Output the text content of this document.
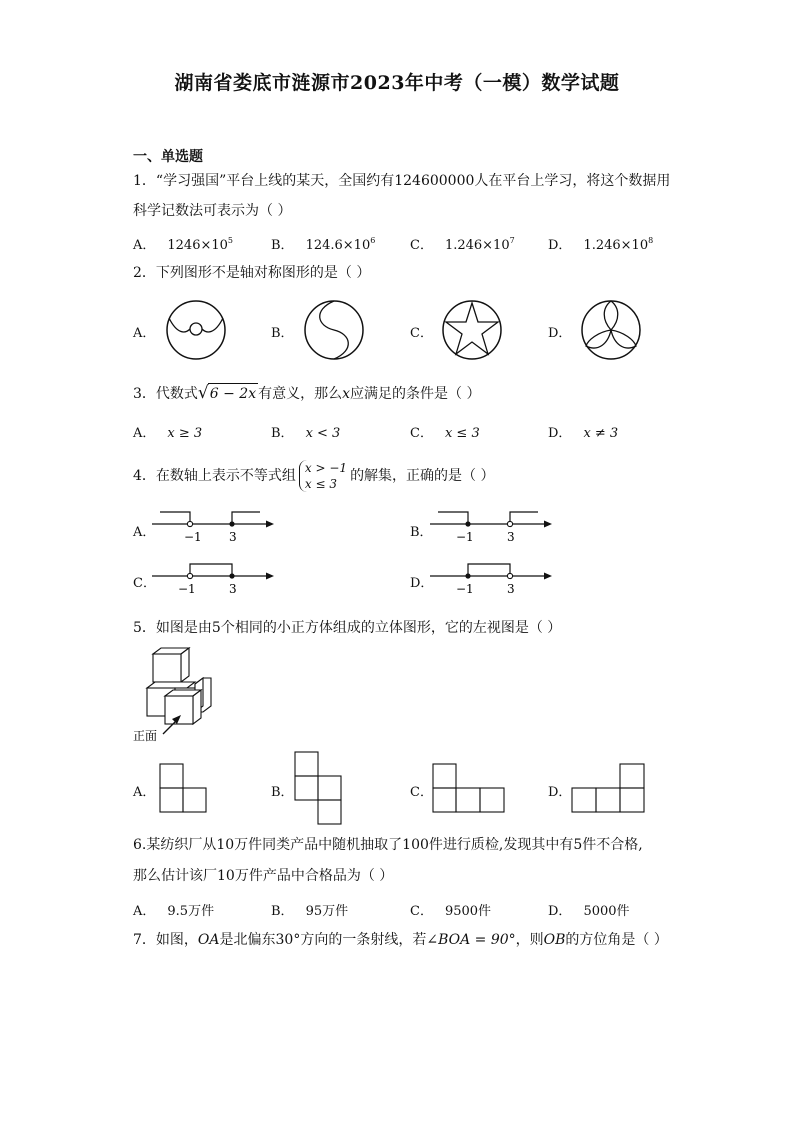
湖南省娄底市涟源市2023年中考（一模）数学试题
一、单选题
1．“学习强国”平台上线的某天，全国约有124600000人在平台上学习，将这个数据用
科学记数法可表示为（ ）
A． $1246\times 10^5$	B． $124.6\times 10^6$	C． $1.246\times 10^7$	D． $1.246\times 10^8$
2．下列图形不是轴对称图形的是（ ）
A．	B．	C．	D．
3．代数式√6 − 2x 有意义，那么x应满足的条件是（ ）
A． x ≥ 3	B． x < 3	C． x ≤ 3	D． x ≠ 3
4．在数轴上表示不等式组 x > −1
x ≤ 3 的解集，正确的是（ ）
A．	B．
C．	D．
−1 3	−1	3
−1	3	−1	3
5．如图是由5个相同的小正方体组成的立体图形，它的左视图是（ ）
正面
A．	B．	C．	D．
6.某纺织厂从10万件同类产品中随机抽取了100件进行质检,发现其中有5件不合格,
那么估计该厂10万件产品中合格品为（ ）
A． 9.5万件	B． 95万件	C． 9500件	D． 5000件
7．如图，OA是北偏东30°方向的一条射线，若∠BOA = 90°，则OB的方位角是（ ）
